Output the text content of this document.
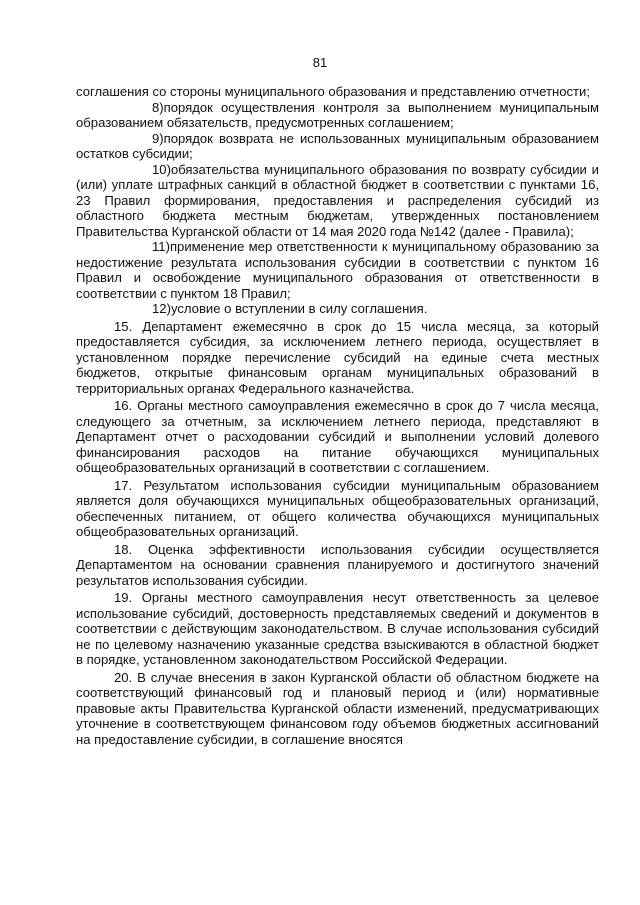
81

соглашения со стороны муниципального образования и представлению отчетности;

8)порядок осуществления контроля за выполнением муниципальным образованием обязательств, предусмотренных соглашением;

9)порядок возврата не использованных муниципальным образованием остатков субсидии;

10)обязательства муниципального образования по возврату субсидии и (или) уплате штрафных санкций в областной бюджет в соответствии с пунктами 16, 23 Правил формирования, предоставления и распределения субсидий из областного бюджета местным бюджетам, утвержденных постановлением Правительства Курганской области от 14 мая 2020 года №142 (далее - Правила);

11)применение мер ответственности к муниципальному образованию за недостижение результата использования субсидии в соответствии с пунктом 16 Правил и освобождение муниципального образования от ответственности в соответствии с пунктом 18 Правил;

12)условие о вступлении в силу соглашения.

15. Департамент ежемесячно в срок до 15 числа месяца, за который предоставляется субсидия, за исключением летнего периода, осуществляет в установленном порядке перечисление субсидий на единые счета местных бюджетов, открытые финансовым органам муниципальных образований в территориальных органах Федерального казначейства.

16. Органы местного самоуправления ежемесячно в срок до 7 числа месяца, следующего за отчетным, за исключением летнего периода, представляют в Департамент отчет о расходовании субсидий и выполнении условий долевого финансирования расходов на питание обучающихся муниципальных общеобразовательных организаций в соответствии с соглашением.

17. Результатом использования субсидии муниципальным образованием является доля обучающихся муниципальных общеобразовательных организаций, обеспеченных питанием, от общего количества обучающихся муниципальных общеобразовательных организаций.

18. Оценка эффективности использования субсидии осуществляется Департаментом на основании сравнения планируемого и достигнутого значений результатов использования субсидии.

19. Органы местного самоуправления несут ответственность за целевое использование субсидий, достоверность представляемых сведений и документов в соответствии с действующим законодательством. В случае использования субсидий не по целевому назначению указанные средства взыскиваются в областной бюджет в порядке, установленном законодательством Российской Федерации.

20. В случае внесения в закон Курганской области об областном бюджете на соответствующий финансовый год и плановый период и (или) нормативные правовые акты Правительства Курганской области изменений, предусматривающих уточнение в соответствующем финансовом году объемов бюджетных ассигнований на предоставление субсидии, в соглашение вносятся
